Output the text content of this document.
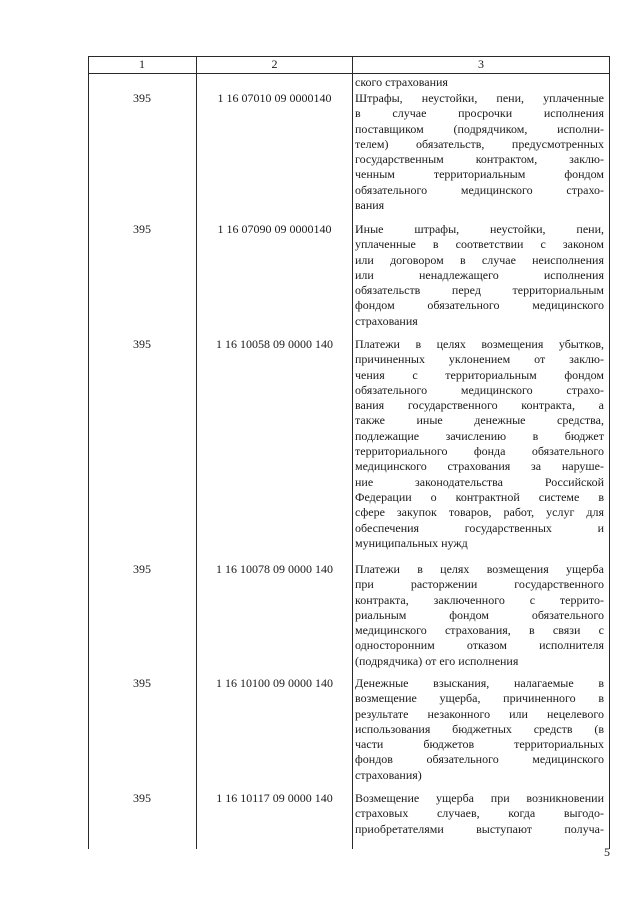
1	2	3
ского страхования
395	1 16 07010 09 0000140	Штрафы, неустойки, пени, уплаченные
в случае просрочки исполнения
поставщиком (подрядчиком, исполни-
телем) обязательств, предусмотренных
государственным контрактом, заклю-
ченным территориальным фондом
обязательного медицинского страхо-
вания
395	1 16 07090 09 0000140	Иные штрафы, неустойки, пени,
уплаченные в соответствии с законом
или договором в случае неисполнения
или ненадлежащего исполнения
обязательств перед территориальным
фондом обязательного медицинского
страхования
395	1 16 10058 09 0000 140	Платежи в целях возмещения убытков,
причиненных уклонением от заклю-
чения с территориальным фондом
обязательного медицинского страхо-
вания государственного контракта, а
также иные денежные средства,
подлежащие зачислению в бюджет
территориального фонда обязательного
медицинского страхования за наруше-
ние законодательства Российской
Федерации о контрактной системе в
сфере закупок товаров, работ, услуг для
обеспечения государственных и
муниципальных нужд
395	1 16 10078 09 0000 140	Платежи в целях возмещения ущерба
при расторжении государственного
контракта, заключенного с террито-
риальным фондом обязательного
медицинского страхования, в связи с
односторонним отказом исполнителя
(подрядчика) от его исполнения
395	1 16 10100 09 0000 140	Денежные взыскания, налагаемые в
возмещение ущерба, причиненного в
результате незаконного или нецелевого
использования бюджетных средств (в
части бюджетов территориальных
фондов обязательного медицинского
страхования)
395	1 16 10117 09 0000 140	Возмещение ущерба при возникновении
страховых случаев, когда выгодо-
приобретателями выступают получа-
5
